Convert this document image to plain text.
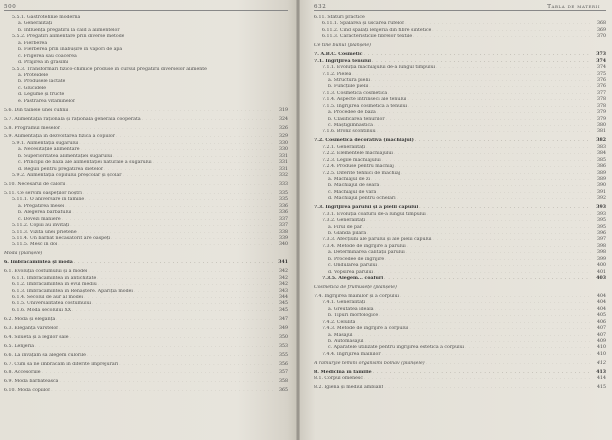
500
5.5.1. Gastrotehnie modernă
a. Generalități
b. Influența pregătirii la cald a alimentelor
5.5.2. Pregătiri alimentare prin diverse metode
a. Fierberea
b. Fierberea prin înăbușire în vapori de apă
c. Frigerea sau coacerea
d. Prăjirea în grăsimi
5.5.3. Transformări fizico-chimice produse în cursul pregătirii diverselor alimente
a. Proteidele
b. Produsele lactate
c. Glucidele
d. Legume și fructe
e. Pastrarea vitaminelor
5.6. Din tainele unei cuhnii . . .	319
5.7. Alimentația rațională și rațională generală cooperată . . .	324
5.8. Programul meselor . . .	326
5.9. Alimentația în dezvoltarea fizică a copiilor . . .	329
5.9.1. Alimentația sugarului . . .	330
a. Necesitățile alimentare . . .	330
b. Superioritatea alimentației sugarului . . .	331
c. Principii de bază ale alimentației naturale a sugarului . . .	331
d. Reguli pentru pregătirea dietelor . . .	331
5.9.2. Alimentația copilului preșcolar și școlar . . .	332
5.10. Necesarul de calorii . . .	333
5.11. Ce servim oaspeților noștri . . .	335
5.11.1. O aniversare în familie . . .	335
a. Pregătirea mesei . . .	336
b. Alegerea bărbatului . . .	336
c. Dovezi maniere . . .	337
5.11.2. Copiii au invitați . . .	337
5.11.3. Vizita unei prietene . . .	338
5.11.4. Un bărbat necăsătorit are oaspeți . . .	339
5.11.5. Mesc în doi . . .	340
Moda (planșele)
6. Îmbrăcămintea și moda . . .	341
6.1. Evoluția costumului și a modei . . .	342
6.1.1. Îmbrăcămintea în antichitate . . .	342
6.1.2. Îmbrăcămintea în evul mediu . . .	342
6.1.3. Îmbrăcămintea în Renaștere. Apariția modei . . .	343
6.1.4. Secolul de aur al modei . . .	344
6.1.5. Universalitatea costumului . . .	345
6.1.6. Moda secolului XX . . .	345
6.2. Modă și eleganță . . .	347
6.3. Eleganța vârstelor . . .	349
6.4. Silueta și a legilor sale . . .	350
6.5. Lenjeria . . .	353
6.6. La învățăm să alegem culorile . . .	355
6.7. Cum să ne îmbrăcăm în diferite împrejurări . . .	356
6.8. Accesoriile . . .	357
6.9. Moda bărbătească . . .	358
6.10. Moda copiilor . . .	365
632	Tabla de materii
6.11. Sfaturi practice
6.11.1. Spălarea și uscarea rufelor . . .	368
6.11.2. Cînd spălați lenjeria din fibre sintetice . . .	369
6.11.3. Caracteristicile fibrelor textile . . .	370
Ce tine bunul (planșele)
7. A.B.C. Cosmetic . . .	373
7.1. Îngrijirea tenului . . .	374
7.1.1. Evoluția machiajului de-a lungul timpului . . .	374
7.1.2. Pielea . . .	375
a. Structura pielii . . .	376
b. Funcțiile pielii . . .	376
7.1.3. Cosmetica cosmetică . . .	377
7.1.4. Aspecte intrinseci ale tenului . . .	378
7.1.5. Îngrijirea cosmetică a tenului . . .	378
a. Procedee de bază . . .	379
b. Clasificarea tenurilor . . .	379
c. Măștigimnastica . . .	380
7.1.6. Bronz scontinuu . . .	381
7.2. Cosmetica decorativă (machiajul) . . .	382
7.2.1. Generalități . . .	383
7.2.2. Elementele machiajului . . .	384
7.2.3. Legile machiajului . . .	385
7.2.4. Produse pentru machiaj . . .	386
7.2.5. Diferite tehnici de machiaj . . .	389
a. Machiajul de zi . . .	389
b. Machiajul de seară . . .	390
c. Machiajul de vară . . .	391
d. Machiajul pentru ochelari . . .	392
7.3. Îngrijirea părului și a pielii capului . . .	393
7.3.1. Evoluția coafurii de-a lungul timpului . . .	393
7.3.2. Generalități . . .	395
a. Firul de păr . . .	395
b. Glanda pilară . . .	396
7.3.3. Afecțiuni ale părului și ale pielii capului . . .	397
7.3.4. Metode de îngrijire a părului . . .	398
a. Determinarea calității părului . . .	398
b. Procedee de îngrijire . . .	399
c. Ondularea părului . . .	400
d. Vopsirea părului . . .	401
7.3.5. Alegem... coafuri . . .	403
Cosmetică de frumusețe (planșele)
7.4. Îngrijirea mâinilor și a corpului . . .	404
7.4.1. Generalități . . .	404
a. Greutatea ideală . . .	404
b. Tipuri morfologice . . .	405
7.4.2. Celulita . . .	406
7.4.3. Metode de îngrijire a corpului . . .	407
a. Masajul . . .	407
b. Automasajul . . .	409
c. Aparatele utilizate pentru îngrijirea estetică a corpului . . .	410
7.4.4. Îngrijirea mâinilor . . .	410
A ramuryie temini organismi bolnav (planșele) . . .	412
8. Medicina în familie . . .	413
8.1. Corpul omenesc . . .	414
8.2. Igiena și mediul ambiant . . .	415
